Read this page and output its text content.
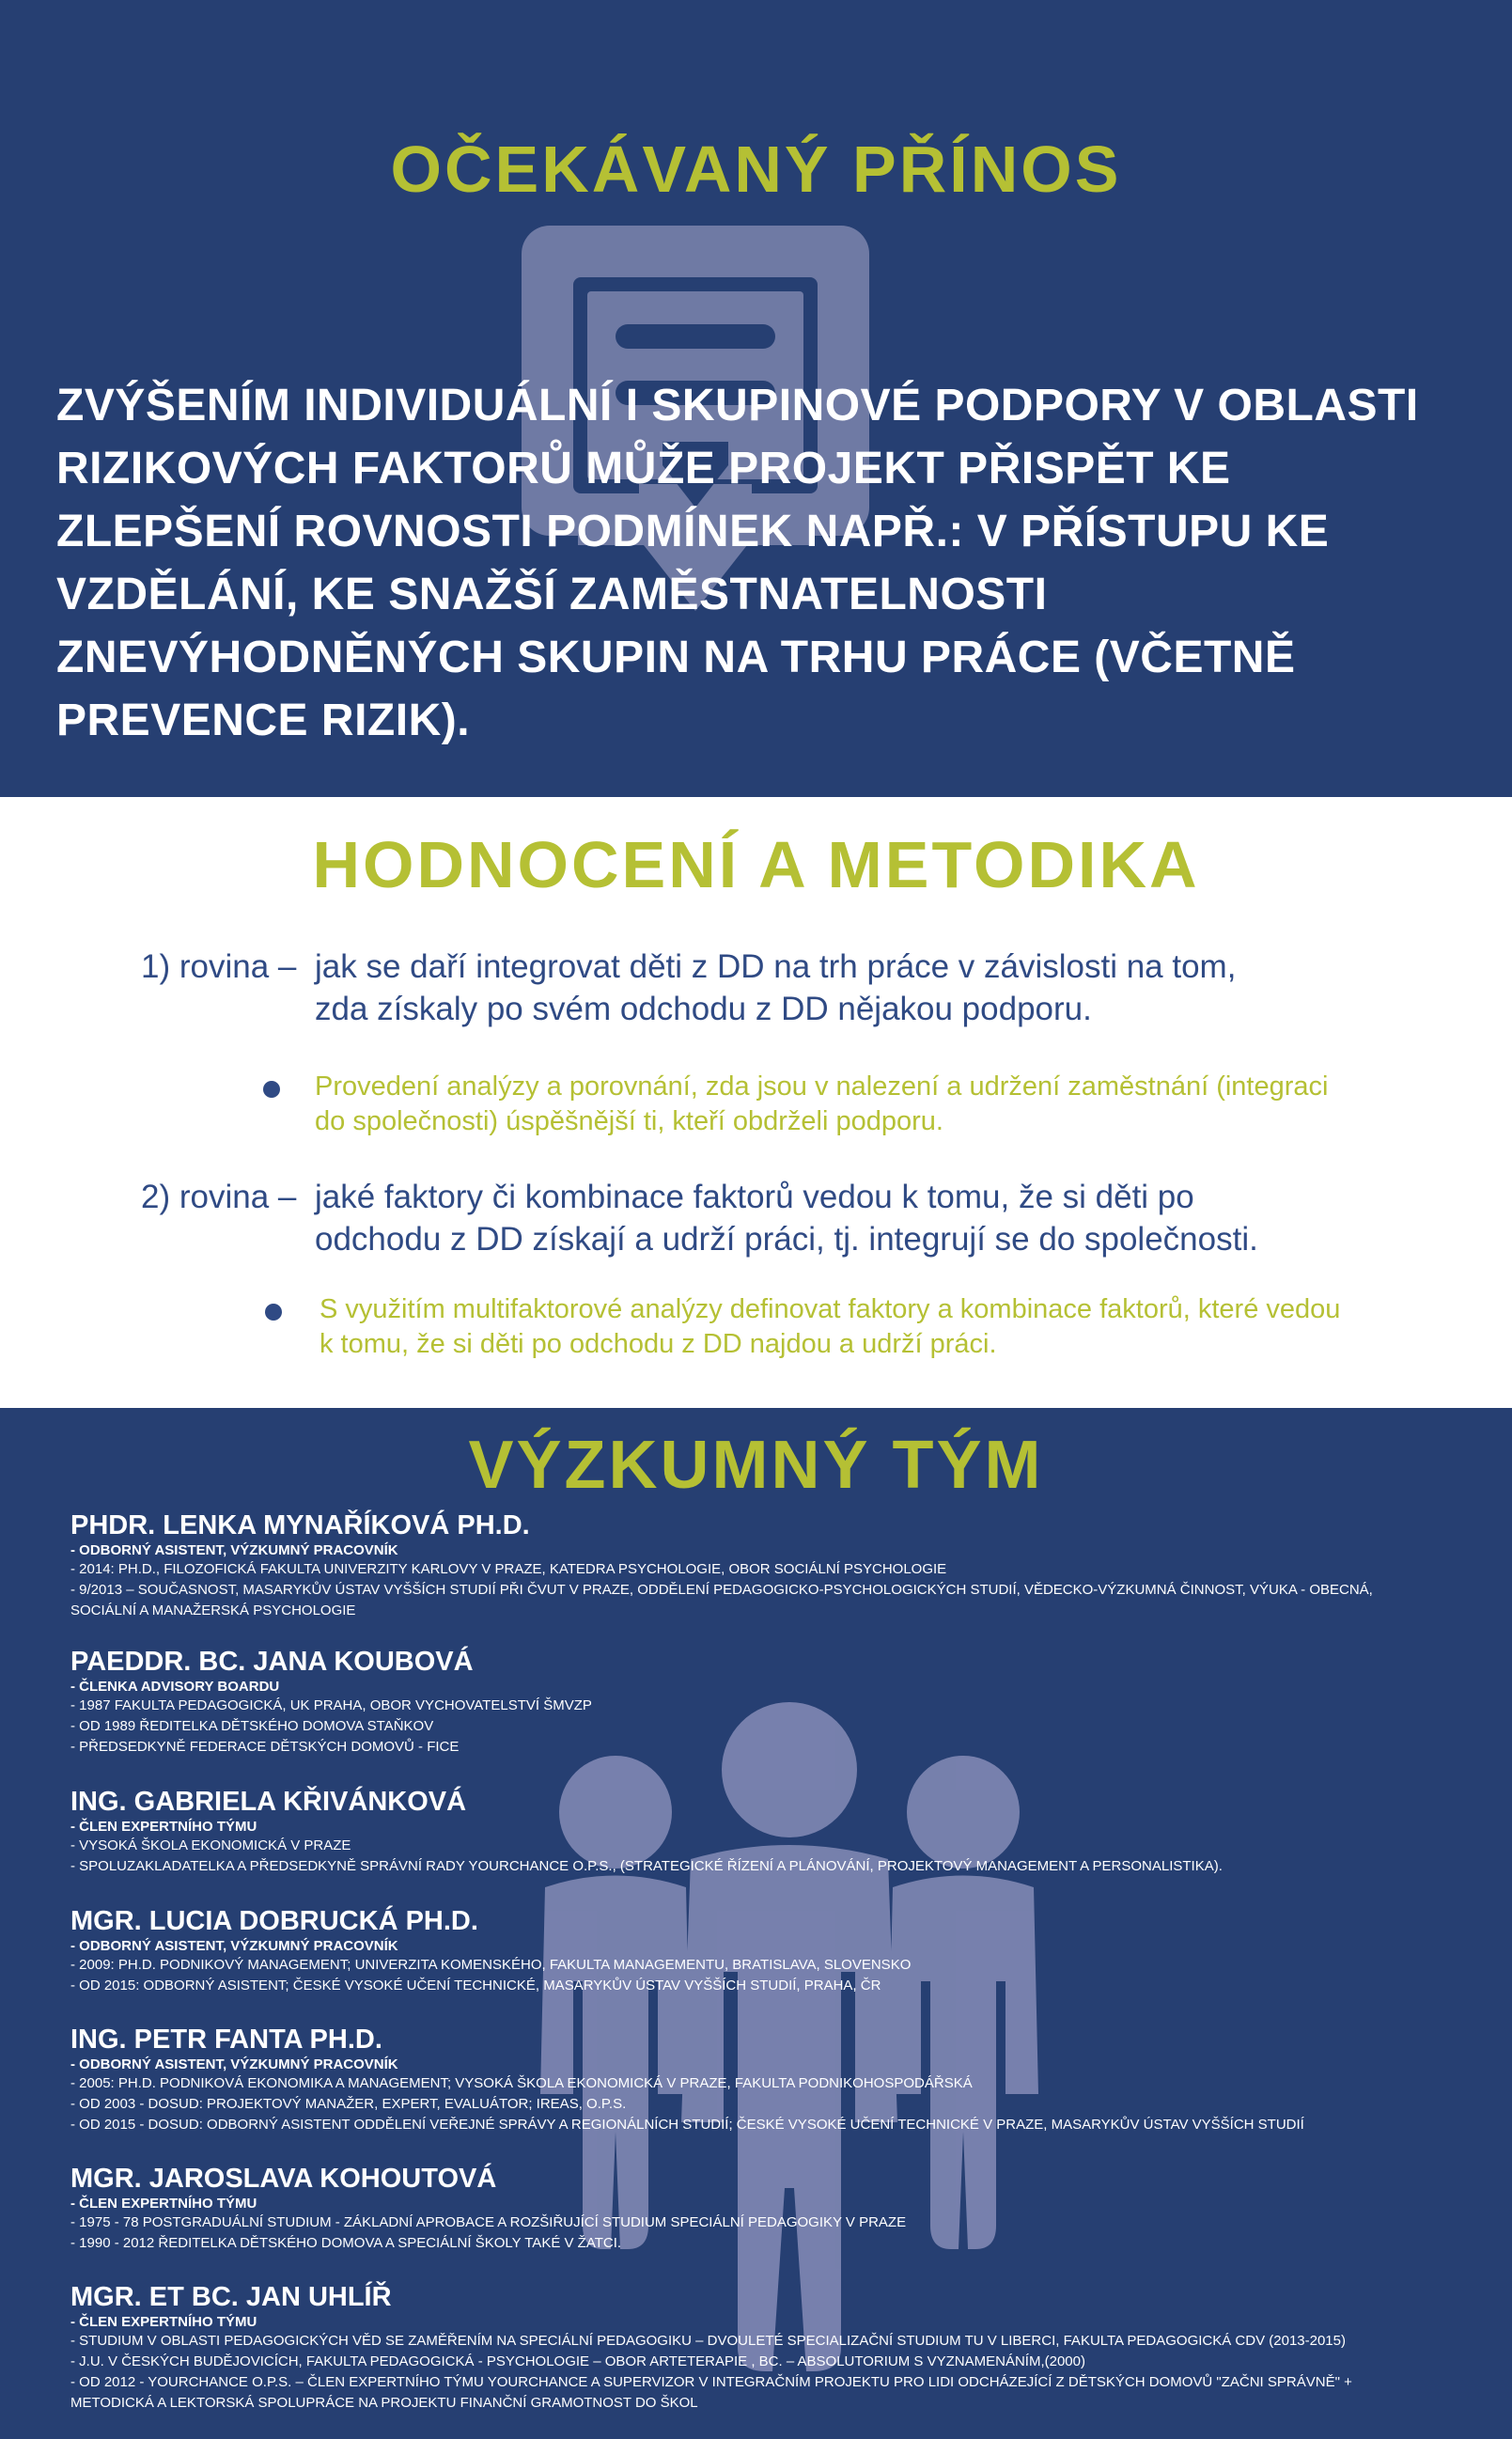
OČEKÁVANÝ PŘÍNOS

ZVÝŠENÍM INDIVIDUÁLNÍ I SKUPINOVÉ PODPORY V OBLASTI RIZIKOVÝCH FAKTORŮ MŮŽE PROJEKT PŘISPĚT KE ZLEPŠENÍ ROVNOSTI PODMÍNEK NAPŘ.: V PŘÍSTUPU KE VZDĚLÁNÍ, KE SNAŽŠÍ ZAMĚSTNATELNOSTI ZNEVÝHODNĚNÝCH SKUPIN NA TRHU PRÁCE (VČETNĚ PREVENCE RIZIK).

HODNOCENÍ A METODIKA

1) rovina – jak se daří integrovat děti z DD na trh práce v závislosti na tom,
zda získaly po svém odchodu z DD nějakou podporu.

Provedení analýzy a porovnání, zda jsou v nalezení a udržení zaměstnání (integraci do společnosti) úspěšnější ti, kteří obdrželi podporu.

2) rovina – jaké faktory či kombinace faktorů vedou k tomu, že si děti po
odchodu z DD získají a udrží práci, tj. integrují se do společnosti.

S využitím multifaktorové analýzy definovat faktory a kombinace faktorů, které vedou k tomu, že si děti po odchodu z DD najdou a udrží práci.

VÝZKUMNÝ TÝM

PHDR. LENKA MYNAŘÍKOVÁ PH.D.

- ODBORNÝ ASISTENT, VÝZKUMNÝ PRACOVNÍK

- 2014: PH.D., FILOZOFICKÁ FAKULTA UNIVERZITY KARLOVY V PRAZE, KATEDRA PSYCHOLOGIE, OBOR SOCIÁLNÍ PSYCHOLOGIE

- 9/2013 – SOUČASNOST, MASARYKŮV ÚSTAV VYŠŠÍCH STUDIÍ PŘI ČVUT V PRAZE, ODDĚLENÍ PEDAGOGICKO-PSYCHOLOGICKÝCH STUDIÍ, VĚDECKO-VÝZKUMNÁ ČINNOST, VÝUKA - OBECNÁ,

SOCIÁLNÍ A MANAŽERSKÁ PSYCHOLOGIE

PAEDDR. BC. JANA KOUBOVÁ

- ČLENKA ADVISORY BOARDU

- 1987 FAKULTA PEDAGOGICKÁ, UK PRAHA, OBOR VYCHOVATELSTVÍ ŠMVZP

- OD 1989 ŘEDITELKA DĚTSKÉHO DOMOVA STAŇKOV

- PŘEDSEDKYNĚ FEDERACE DĚTSKÝCH DOMOVŮ - FICE

ING. GABRIELA KŘIVÁNKOVÁ

- ČLEN EXPERTNÍHO TÝMU

- VYSOKÁ ŠKOLA EKONOMICKÁ V PRAZE

- SPOLUZAKLADATELKA A PŘEDSEDKYNĚ SPRÁVNÍ RADY YOURCHANCE O.P.S., (STRATEGICKÉ ŘÍZENÍ A PLÁNOVÁNÍ, PROJEKTOVÝ MANAGEMENT A PERSONALISTIKA).

MGR. LUCIA DOBRUCKÁ PH.D.

- ODBORNÝ ASISTENT, VÝZKUMNÝ PRACOVNÍK

- 2009: PH.D. PODNIKOVÝ MANAGEMENT; UNIVERZITA KOMENSKÉHO, FAKULTA MANAGEMENTU, BRATISLAVA, SLOVENSKO

- OD 2015: ODBORNÝ ASISTENT; ČESKÉ VYSOKÉ UČENÍ TECHNICKÉ, MASARYKŮV ÚSTAV VYŠŠÍCH STUDIÍ, PRAHA, ČR

ING. PETR FANTA PH.D.

- ODBORNÝ ASISTENT, VÝZKUMNÝ PRACOVNÍK

- 2005: PH.D. PODNIKOVÁ EKONOMIKA A MANAGEMENT; VYSOKÁ ŠKOLA EKONOMICKÁ V PRAZE, FAKULTA PODNIKOHOSPODÁŘSKÁ

- OD 2003 - DOSUD: PROJEKTOVÝ MANAŽER, EXPERT, EVALUÁTOR; IREAS, O.P.S.

- OD 2015 - DOSUD: ODBORNÝ ASISTENT ODDĚLENÍ VEŘEJNÉ SPRÁVY A REGIONÁLNÍCH STUDIÍ; ČESKÉ VYSOKÉ UČENÍ TECHNICKÉ V PRAZE, MASARYKŮV ÚSTAV VYŠŠÍCH STUDIÍ

MGR. JAROSLAVA KOHOUTOVÁ

- ČLEN EXPERTNÍHO TÝMU

- 1975 - 78 POSTGRADUÁLNÍ STUDIUM - ZÁKLADNÍ APROBACE A ROZŠIŘUJÍCÍ STUDIUM SPECIÁLNÍ PEDAGOGIKY V PRAZE

- 1990 - 2012 ŘEDITELKA DĚTSKÉHO DOMOVA A SPECIÁLNÍ ŠKOLY TAKÉ V ŽATCI.

MGR. ET BC. JAN UHLÍŘ

- ČLEN EXPERTNÍHO TÝMU

- STUDIUM V OBLASTI PEDAGOGICKÝCH VĚD SE ZAMĚŘENÍM NA SPECIÁLNÍ PEDAGOGIKU – DVOULETÉ SPECIALIZAČNÍ STUDIUM TU V LIBERCI, FAKULTA PEDAGOGICKÁ CDV (2013-2015)

- J.U. V ČESKÝCH BUDĚJOVICÍCH, FAKULTA PEDAGOGICKÁ - PSYCHOLOGIE – OBOR ARTETERAPIE , BC. – ABSOLUTORIUM S VYZNAMENÁNÍM,(2000)

- OD 2012 - YOURCHANCE O.P.S. – ČLEN EXPERTNÍHO TÝMU YOURCHANCE A SUPERVIZOR V INTEGRAČNÍM PROJEKTU PRO LIDI ODCHÁZEJÍCÍ Z DĚTSKÝCH DOMOVŮ "ZAČNI SPRÁVNĚ" +

METODICKÁ A LEKTORSKÁ SPOLUPRÁCE NA PROJEKTU FINANČNÍ GRAMOTNOST DO ŠKOL
